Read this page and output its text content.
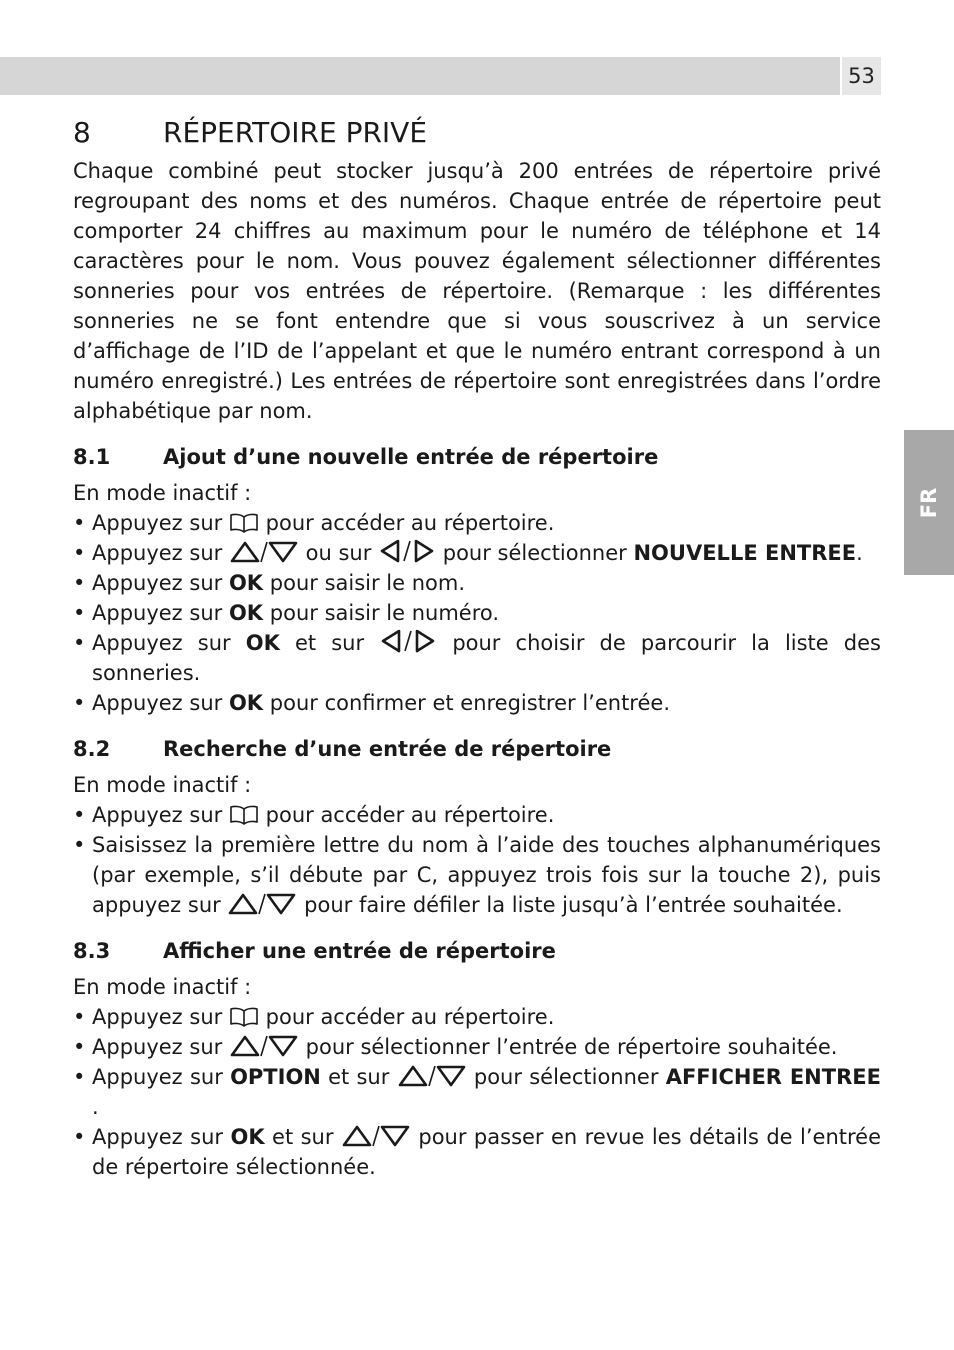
53
FR
8	RÉPERTOIRE PRIVÉ

Chaque combiné peut stocker jusqu’à 200 entrées de répertoire privé regroupant des noms et des numéros. Chaque entrée de répertoire peut comporter 24 chiffres au maximum pour le numéro de téléphone et 14 caractères pour le nom. Vous pouvez également sélectionner différentes sonneries pour vos entrées de répertoire. (Remarque : les différentes sonneries ne se font entendre que si vous souscrivez à un service d’affichage de l’ID de l’appelant et que le numéro entrant correspond à un numéro enregistré.) Les entrées de répertoire sont enregistrées dans l’ordre alphabétique par nom.

8.1	Ajout d’une nouvelle entrée de répertoire

En mode inactif :

• Appuyez sur pour accéder au répertoire.
• Appuyez sur	ou sur	pour sélectionner NOUVELLE ENTREE.
• Appuyez sur OK pour saisir le nom.
• Appuyez sur OK pour saisir le numéro.
• Appuyez sur OK et sur	pour choisir de parcourir la liste des sonneries.
• Appuyez sur OK pour confirmer et enregistrer l’entrée.
8.2	Recherche d’une entrée de répertoire

En mode inactif :

• Appuyez sur pour accéder au répertoire.
• Saisissez la première lettre du nom à l’aide des touches alphanumériques (par exemple, s’il débute par C, appuyez trois fois sur la touche 2), puis appuyez sur	pour faire défiler la liste jusqu’à l’entrée souhaitée.
8.3	Afficher une entrée de répertoire

En mode inactif :

• Appuyez sur pour accéder au répertoire.
• Appuyez sur	pour sélectionner l’entrée de répertoire souhaitée.
• Appuyez sur OPTION et sur	pour sélectionner AFFICHER ENTREE .
• Appuyez sur OK et sur	pour passer en revue les détails de l’entrée de répertoire sélectionnée.
